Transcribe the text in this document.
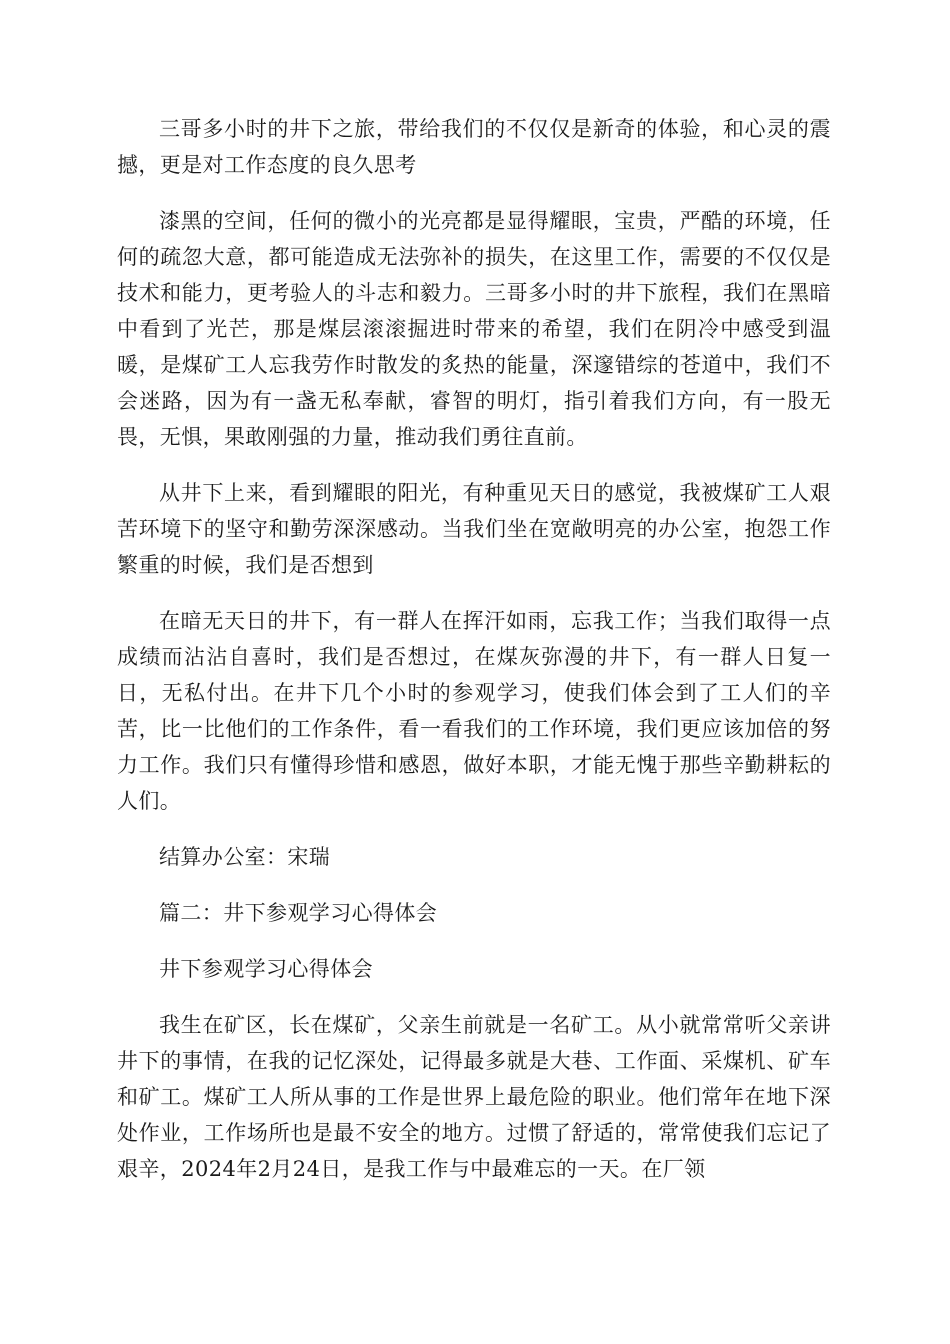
三哥多小时的井下之旅，带给我们的不仅仅是新奇的体验，和心灵的震撼，更是对工作态度的良久思考

漆黑的空间，任何的微小的光亮都是显得耀眼，宝贵，严酷的环境，任何的疏忽大意，都可能造成无法弥补的损失，在这里工作，需要的不仅仅是技术和能力，更考验人的斗志和毅力。三哥多小时的井下旅程，我们在黑暗中看到了光芒，那是煤层滚滚掘进时带来的希望，我们在阴冷中感受到温暖，是煤矿工人忘我劳作时散发的炙热的能量，深邃错综的苍道中，我们不会迷路，因为有一盏无私奉献，睿智的明灯，指引着我们方向，有一股无畏，无惧，果敢刚强的力量，推动我们勇往直前。

从井下上来，看到耀眼的阳光，有种重见天日的感觉，我被煤矿工人艰苦环境下的坚守和勤劳深深感动。当我们坐在宽敞明亮的办公室，抱怨工作繁重的时候，我们是否想到

在暗无天日的井下，有一群人在挥汗如雨，忘我工作；当我们取得一点成绩而沾沾自喜时，我们是否想过，在煤灰弥漫的井下，有一群人日复一日，无私付出。在井下几个小时的参观学习，使我们体会到了工人们的辛苦，比一比他们的工作条件，看一看我们的工作环境，我们更应该加倍的努力工作。我们只有懂得珍惜和感恩，做好本职，才能无愧于那些辛勤耕耘的人们。

结算办公室：宋瑞

篇二：井下参观学习心得体会

井下参观学习心得体会

我生在矿区，长在煤矿，父亲生前就是一名矿工。从小就常常听父亲讲井下的事情，在我的记忆深处，记得最多就是大巷、工作面、采煤机、矿车和矿工。煤矿工人所从事的工作是世界上最危险的职业。他们常年在地下深处作业，工作场所也是最不安全的地方。过惯了舒适的，常常使我们忘记了艰辛，2024年2月24日，是我工作与中最难忘的一天。在厂领
